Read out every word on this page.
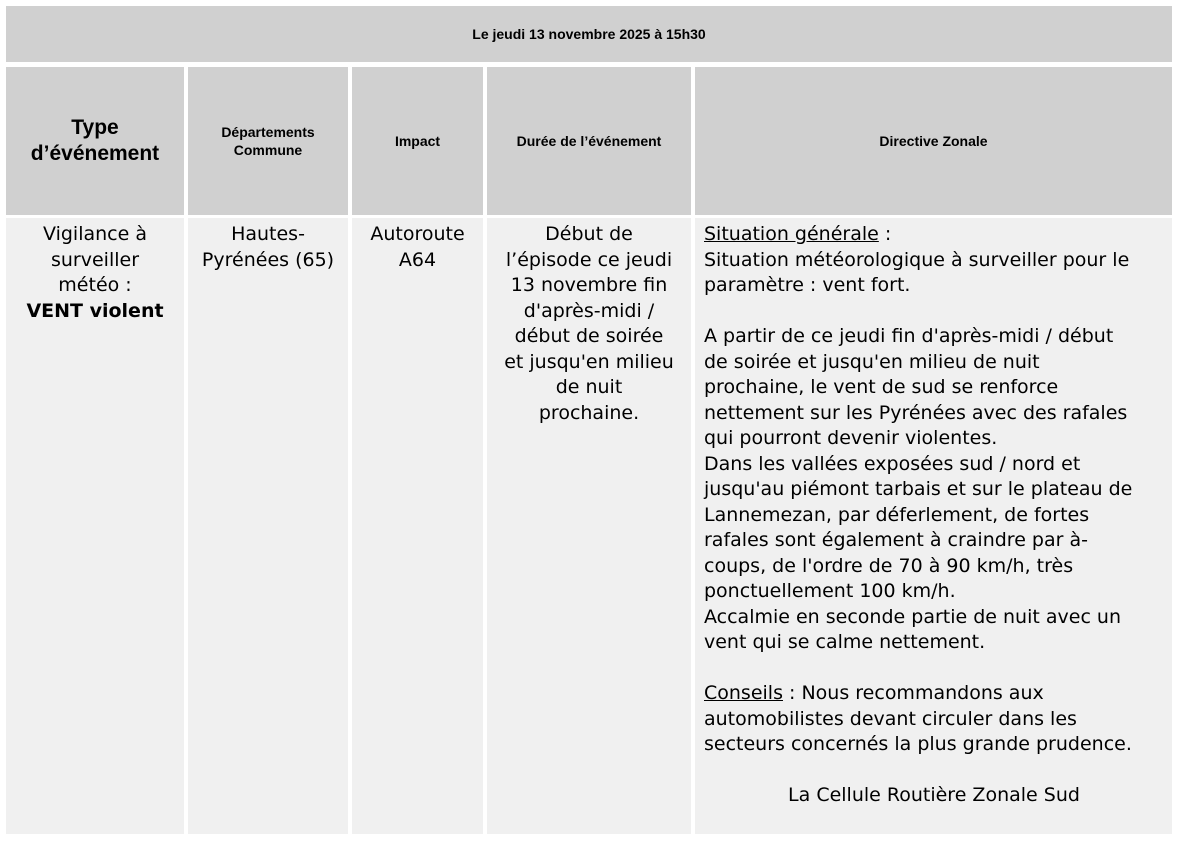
Le jeudi 13 novembre 2025 à 15h30
Type
d’événement
Départements
Commune
Impact	Durée de l’événement	Directive Zonale
Vigilance à
surveiller
météo :
VENT violent
Hautes-
Pyrénées (65)
Autoroute
A64
Début de
l’épisode ce jeudi
13 novembre fin
d'après-midi /
début de soirée
et jusqu'en milieu
de nuit
prochaine.
Situation générale :
Situation météorologique à surveiller pour le
paramètre : vent fort.
A partir de ce jeudi fin d'après-midi / début
de soirée et jusqu'en milieu de nuit
prochaine, le vent de sud se renforce
nettement sur les Pyrénées avec des rafales
qui pourront devenir violentes.
Dans les vallées exposées sud / nord et
jusqu'au piémont tarbais et sur le plateau de
Lannemezan, par déferlement, de fortes
rafales sont également à craindre par à-
coups, de l'ordre de 70 à 90 km/h, très
ponctuellement 100 km/h.
Accalmie en seconde partie de nuit avec un
vent qui se calme nettement.
Conseils : Nous recommandons aux
automobilistes devant circuler dans les
secteurs concernés la plus grande prudence.
La Cellule Routière Zonale Sud
